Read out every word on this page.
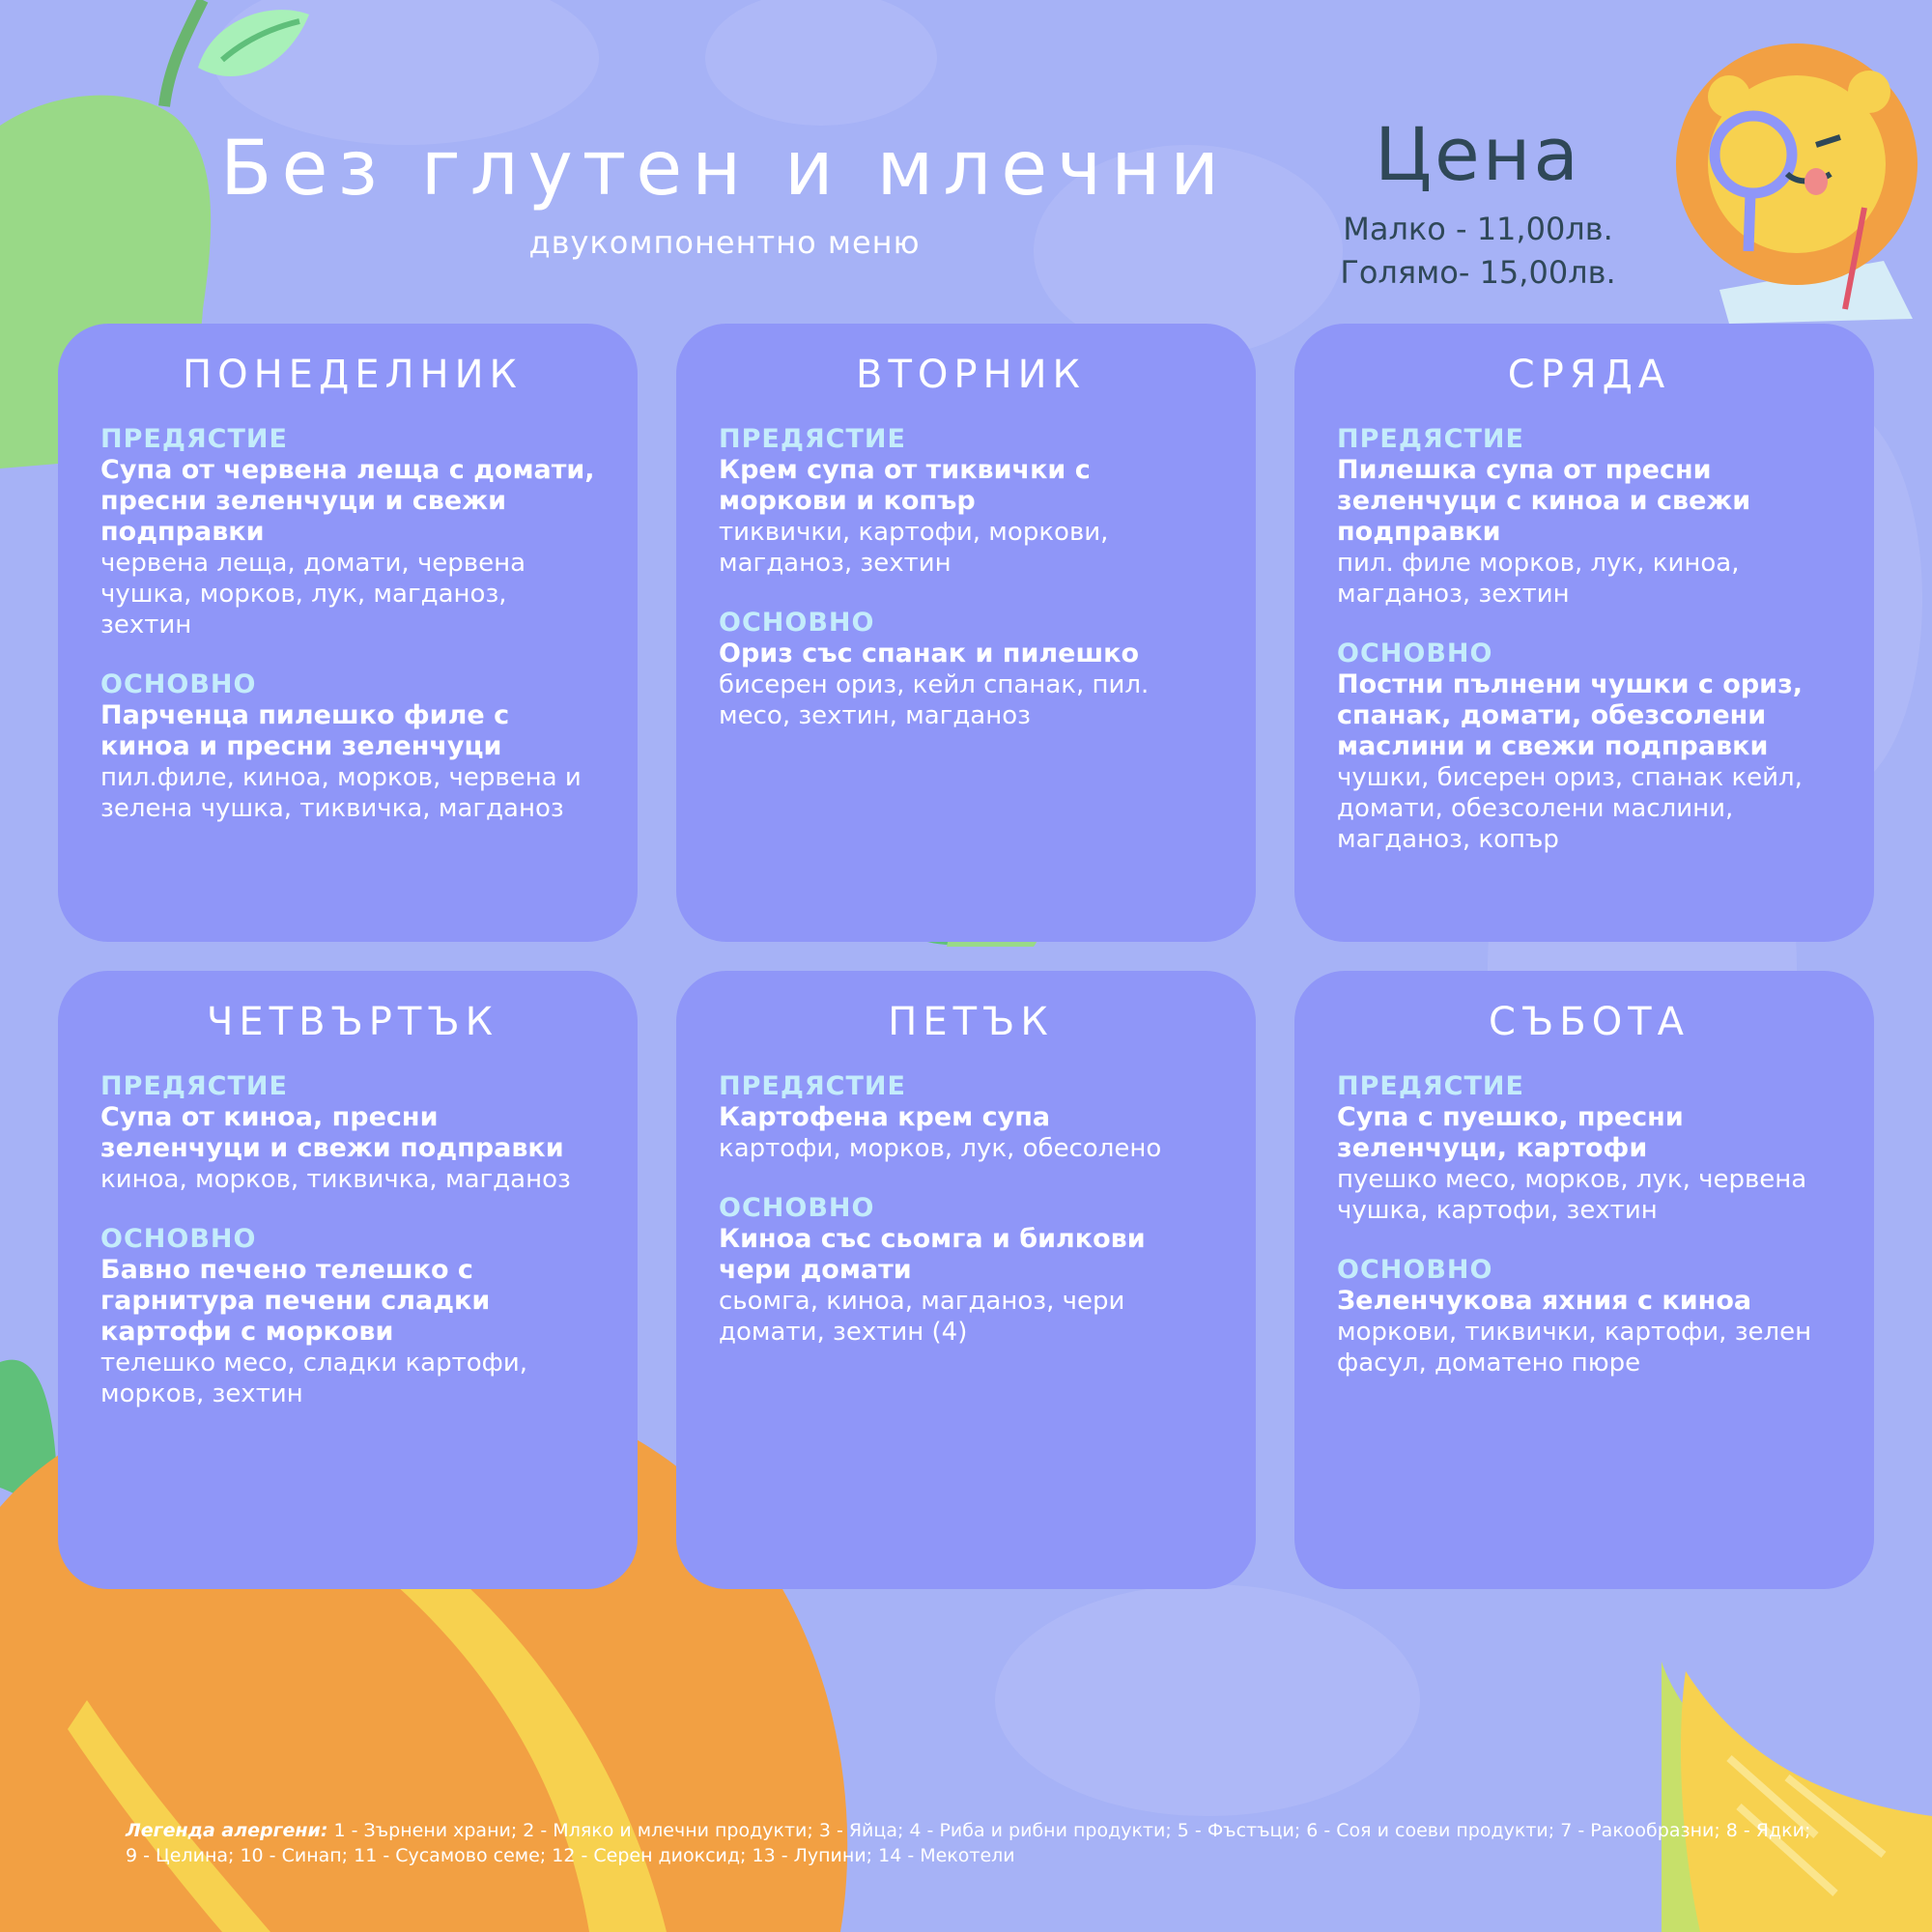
Без глутен и млечни
двукомпонентно меню
Цена
Малко - 11,00лв.
Голямо- 15,00лв.
ПОНЕДЕЛНИК
ПРЕДЯСТИЕ
Супа от червена леща с домати, пресни зеленчуци и свежи подправки
червена леща, домати, червена чушка, морков, лук, магданоз, зехтин
ОСНОВНО
Парченца пилешко филе с киноа и пресни зеленчуци
пил.филе, киноа, морков, червена и зелена чушка, тиквичка, магданоз
ВТОРНИК
ПРЕДЯСТИЕ
Крем супа от тиквички с моркови и копър
тиквички, картофи, моркови, магданоз, зехтин
ОСНОВНО
Ориз със спанак и пилешко
бисерен ориз, кейл спанак, пил. месо, зехтин, магданоз
СРЯДА
ПРЕДЯСТИЕ
Пилешка супа от пресни зеленчуци с киноа и свежи подправки
пил. филе морков, лук, киноа, магданоз, зехтин
ОСНОВНО
Постни пълнени чушки с ориз, спанак, домати, обезсолени маслини и свежи подправки
чушки, бисерен ориз, спанак кейл, домати, обезсолени маслини, магданоз, копър
ЧЕТВЪРТЪК
ПРЕДЯСТИЕ
Супа от киноа, пресни зеленчуци и свежи подправки
киноа, морков, тиквичка, магданоз
ОСНОВНО
Бавно печено телешко с гарнитура печени сладки картофи с моркови
телешко месо, сладки картофи, морков, зехтин
ПЕТЪК
ПРЕДЯСТИЕ
Картофена крем супа
картофи, морков, лук, обесолено
ОСНОВНО
Киноа със сьомга и билкови чери домати
сьомга, киноа, магданоз, чери домати, зехтин (4)
СЪБОТА
ПРЕДЯСТИЕ
Супа с пуешко, пресни зеленчуци, картофи
пуешко месо, морков, лук, червена чушка, картофи, зехтин
ОСНОВНО
Зеленчукова яхния с киноа
моркови, тиквички, картофи, зелен фасул, доматено пюре
Легенда алергени: 1 - Зърнени храни; 2 - Мляко и млечни продукти; 3 - Яйца; 4 - Риба и рибни продукти; 5 - Фъстъци; 6 - Соя и соеви продукти; 7 - Ракообразни; 8 - Ядки; 9 - Целина; 10 - Синап; 11 - Сусамово семе; 12 - Серен диоксид; 13 - Лупини; 14 - Мекотели
